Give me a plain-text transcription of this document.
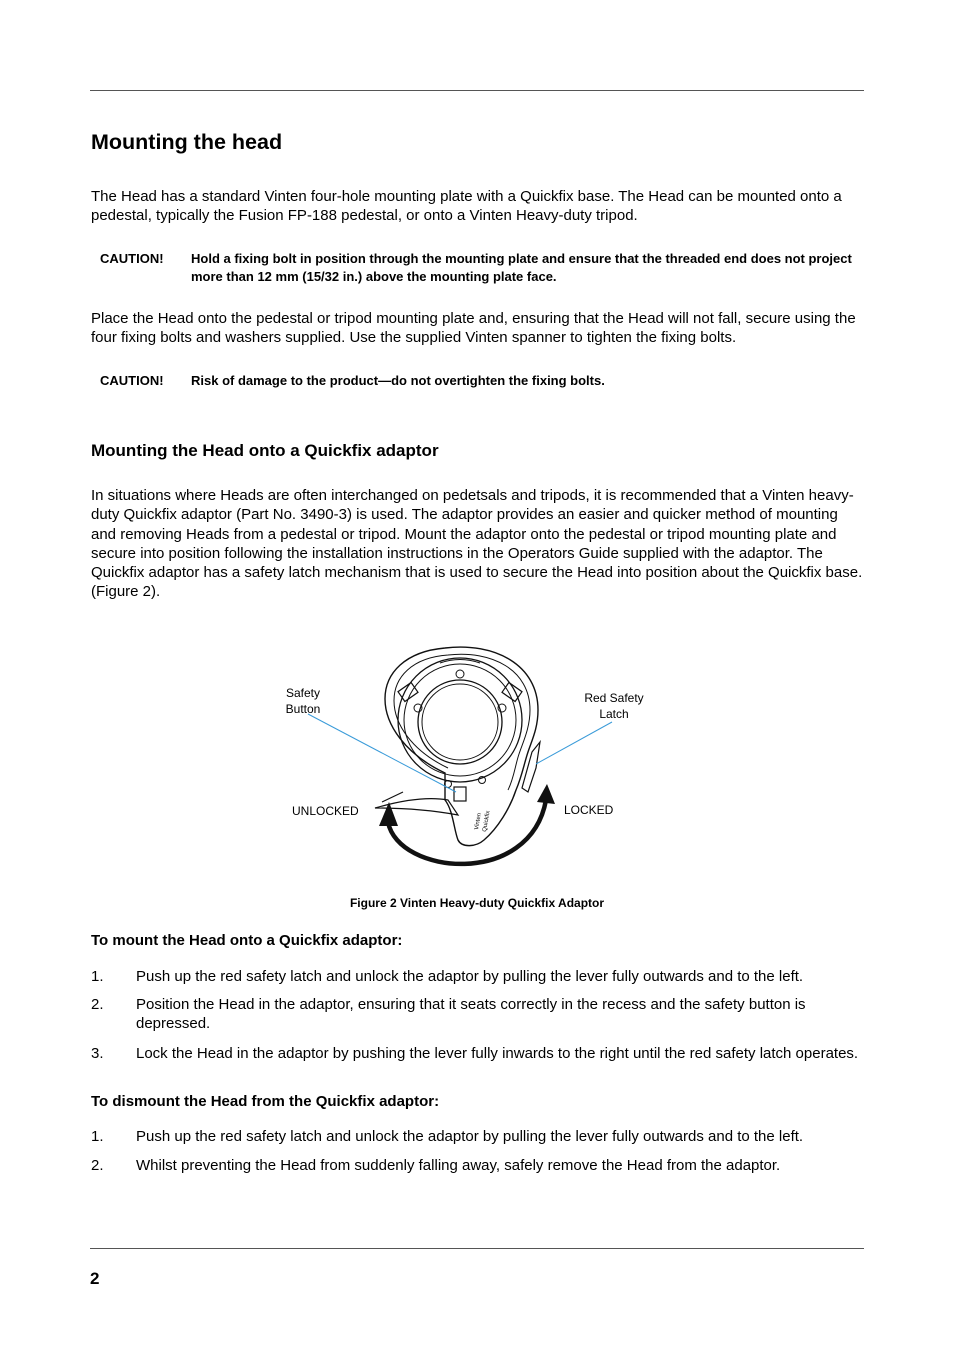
Mounting the head

The Head has a standard Vinten four-hole mounting plate with a Quickfix base. The Head can be mounted onto a pedestal, typically the Fusion FP-188 pedestal, or onto a Vinten Heavy-duty tripod.

CAUTION! Hold a fixing bolt in position through the mounting plate and ensure that the threaded end does not project more than 12 mm (15/32 in.) above the mounting plate face.

Place the Head onto the pedestal or tripod mounting plate and, ensuring that the Head will not fall, secure using the four fixing bolts and washers supplied. Use the supplied Vinten spanner to tighten the fixing bolts.

CAUTION! Risk of damage to the product—do not overtighten the fixing bolts.
Mounting the Head onto a Quickfix adaptor

In situations where Heads are often interchanged on pedetsals and tripods, it is recommended that a Vinten heavy-duty Quickfix adaptor (Part No. 3490-3) is used. The adaptor provides an easier and quicker method of mounting and removing Heads from a pedestal or tripod. Mount the adaptor onto the pedestal or tripod mounting plate and secure into position following the installation instructions in the Operators Guide supplied with the adaptor. The Quickfix adaptor has a safety latch mechanism that is used to secure the Head into position about the Quickfix base. (Figure 2).

Vinten Quickfix
Safety
Button
Red Safety
Latch
UNLOCKED	LOCKED
Figure 2 Vinten Heavy-duty Quickfix Adaptor
To mount the Head onto a Quickfix adaptor:
1. Push up the red safety latch and unlock the adaptor by pulling the lever fully outwards and to the left.
2. Position the Head in the adaptor, ensuring that it seats correctly in the recess and the safety button is depressed.
3. Lock the Head in the adaptor by pushing the lever fully inwards to the right until the red safety latch operates.
To dismount the Head from the Quickfix adaptor:
1. Push up the red safety latch and unlock the adaptor by pulling the lever fully outwards and to the left.
2. Whilst preventing the Head from suddenly falling away, safely remove the Head from the adaptor.
2
